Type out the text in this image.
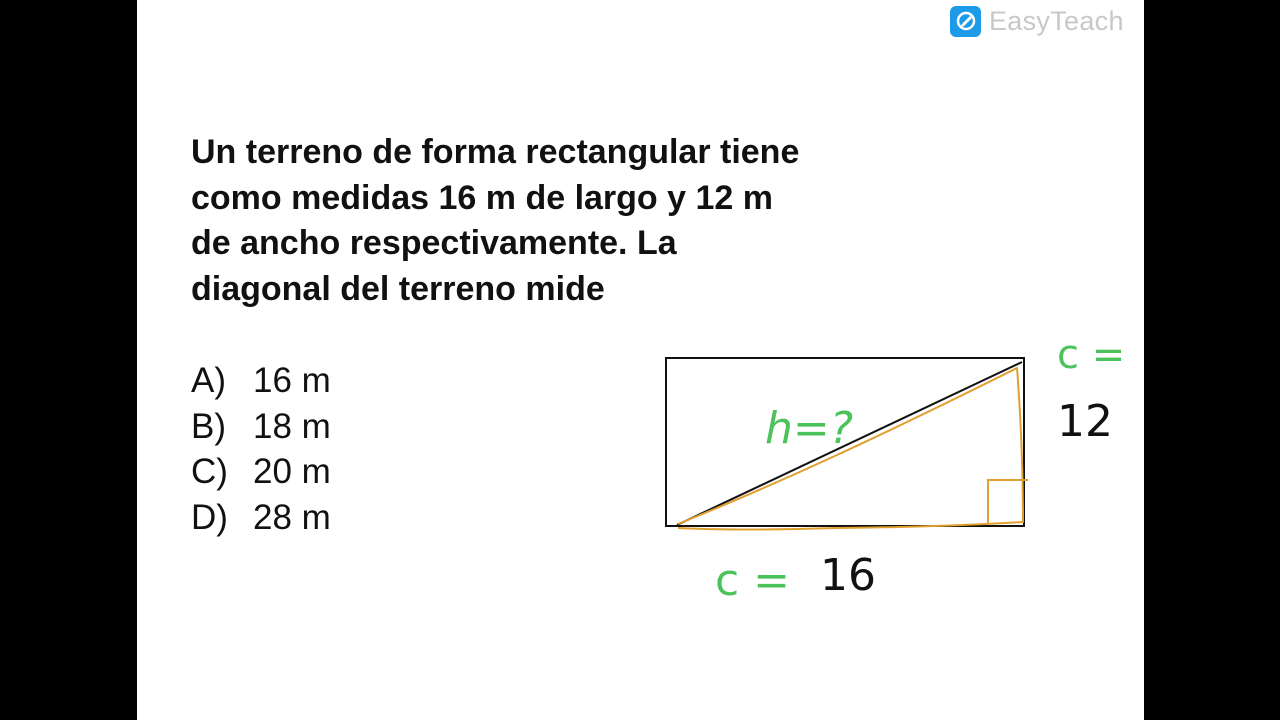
EasyTeach

Un terreno de forma rectangular tiene
como medidas 16 m de largo y 12 m
de ancho respectivamente. La
diagonal del terreno mide

A) 16 m
B) 18 m
C) 20 m
D) 28 m
h=?
c = 16
c =
12
